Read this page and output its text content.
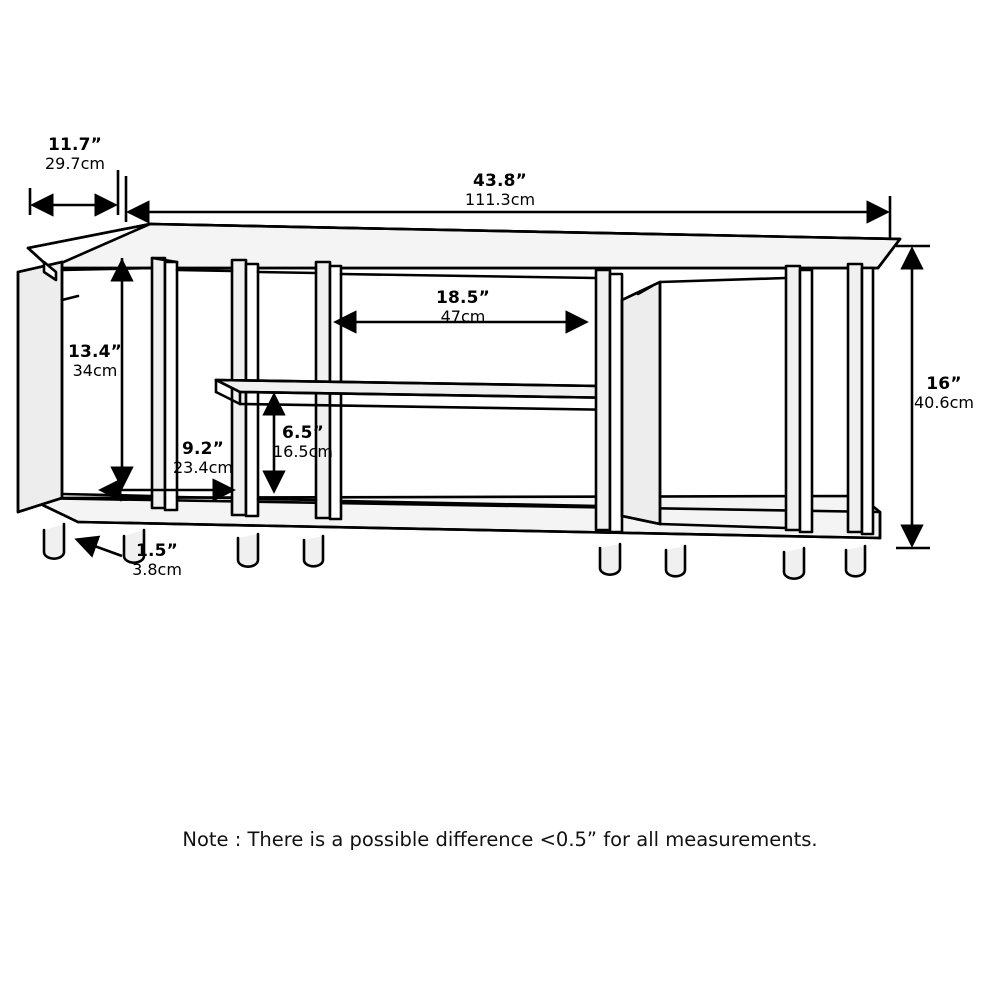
11.7”
29.7cm
43.8”
111.3cm
16”
40.6cm
13.4”
34cm
18.5”
47cm
9.2”
23.4cm
6.5”
16.5cm
1.5”
3.8cm
Note : There is a possible difference <0.5” for all measurements.
